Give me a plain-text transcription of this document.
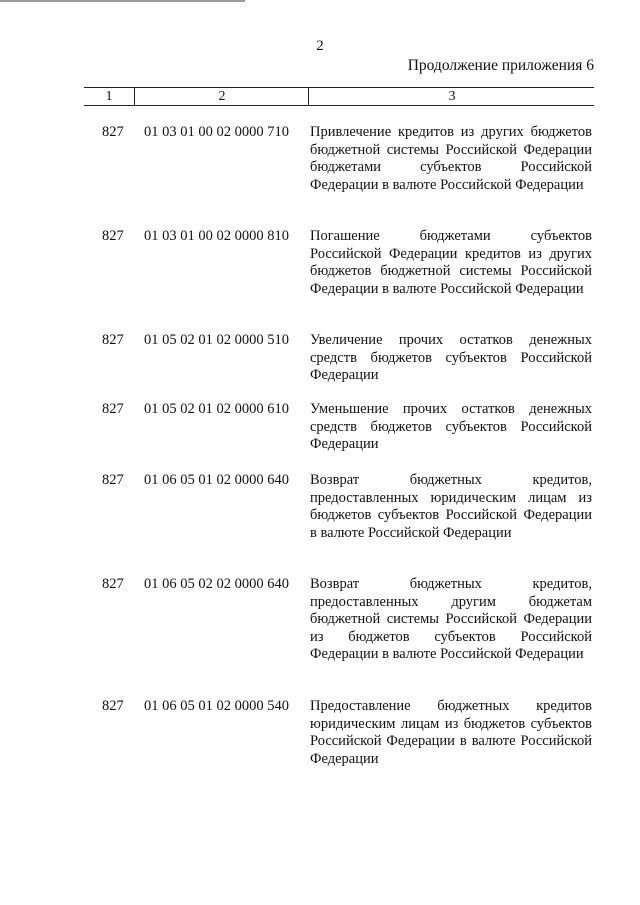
2
Продолжение приложения 6
1	2	3
827 01 03 01 00 02 0000 710 Привлечение кредитов из других бюджетов бюджетной системы Российской Федерации бюджетами субъектов Российской Федерации в валюте Российской Федерации
827 01 03 01 00 02 0000 810 Погашение бюджетами субъектов Российской Федерации кредитов из других бюджетов бюджетной системы Российской Федерации в валюте Российской Федерации
827 01 05 02 01 02 0000 510 Увеличение прочих остатков денежных средств бюджетов субъектов Российской Федерации
827 01 05 02 01 02 0000 610 Уменьшение прочих остатков денежных средств бюджетов субъектов Российской Федерации
827 01 06 05 01 02 0000 640 Возврат бюджетных кредитов, предоставленных юридическим лицам из бюджетов субъектов Российской Федерации в валюте Российской Федерации
827 01 06 05 02 02 0000 640 Возврат бюджетных кредитов, предоставленных другим бюджетам бюджетной системы Российской Федерации из бюджетов субъектов Российской Федерации в валюте Российской Федерации
827 01 06 05 01 02 0000 540 Предоставление бюджетных кредитов юридическим лицам из бюджетов субъектов Российской Федерации в валюте Российской Федерации
